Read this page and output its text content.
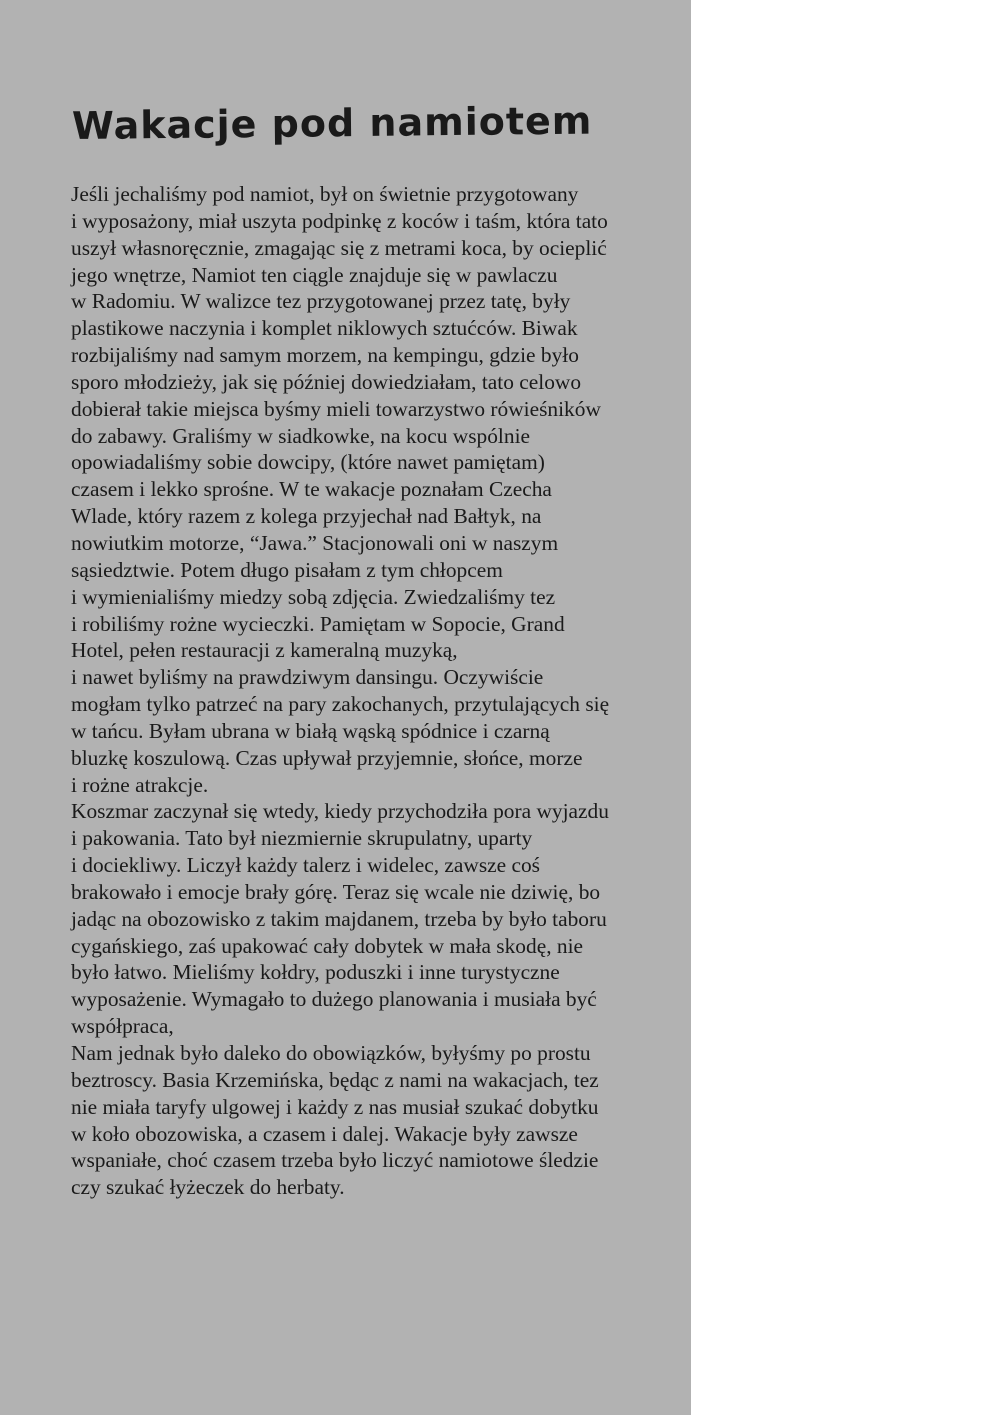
Wakacje pod namiotem
Jeśli jechaliśmy pod namiot, był on świetnie przygotowany
i wyposażony, miał uszyta podpinkę z koców i taśm, która tato
uszył własnoręcznie, zmagając się z metrami koca, by ocieplić
jego wnętrze, Namiot ten ciągle znajduje się w pawlaczu
w Radomiu. W walizce tez przygotowanej przez tatę, były
plastikowe naczynia i komplet niklowych sztućców. Biwak
rozbijaliśmy nad samym morzem, na kempingu, gdzie było
sporo młodzieży, jak się później dowiedziałam, tato celowo
dobierał takie miejsca byśmy mieli towarzystwo rówieśników
do zabawy. Graliśmy w siadkowke, na kocu wspólnie
opowiadaliśmy sobie dowcipy, (które nawet pamiętam)
czasem i lekko sprośne. W te wakacje poznałam Czecha
Wlade, który razem z kolega przyjechał nad Bałtyk, na
nowiutkim motorze, “Jawa.” Stacjonowali oni w naszym
sąsiedztwie. Potem długo pisałam z tym chłopcem
i wymienialiśmy miedzy sobą zdjęcia. Zwiedzaliśmy tez
i robiliśmy rożne wycieczki. Pamiętam w Sopocie, Grand
Hotel, pełen restauracji z kameralną muzyką,
i nawet byliśmy na prawdziwym dansingu. Oczywiście
mogłam tylko patrzeć na pary zakochanych, przytulających się
w tańcu. Byłam ubrana w białą wąską spódnice i czarną
bluzkę koszulową. Czas upływał przyjemnie, słońce, morze
i rożne atrakcje.
Koszmar zaczynał się wtedy, kiedy przychodziła pora wyjazdu
i pakowania. Tato był niezmiernie skrupulatny, uparty
i dociekliwy. Liczył każdy talerz i widelec, zawsze coś
brakowało i emocje brały górę. Teraz się wcale nie dziwię, bo
jadąc na obozowisko z takim majdanem, trzeba by było taboru
cygańskiego, zaś upakować cały dobytek w mała skodę, nie
było łatwo. Mieliśmy kołdry, poduszki i inne turystyczne
wyposażenie. Wymagało to dużego planowania i musiała być
współpraca,
Nam jednak było daleko do obowiązków, byłyśmy po prostu
beztroscy. Basia Krzemińska, będąc z nami na wakacjach, tez
nie miała taryfy ulgowej i każdy z nas musiał szukać dobytku
w koło obozowiska, a czasem i dalej. Wakacje były zawsze
wspaniałe, choć czasem trzeba było liczyć namiotowe śledzie
czy szukać łyżeczek do herbaty.
